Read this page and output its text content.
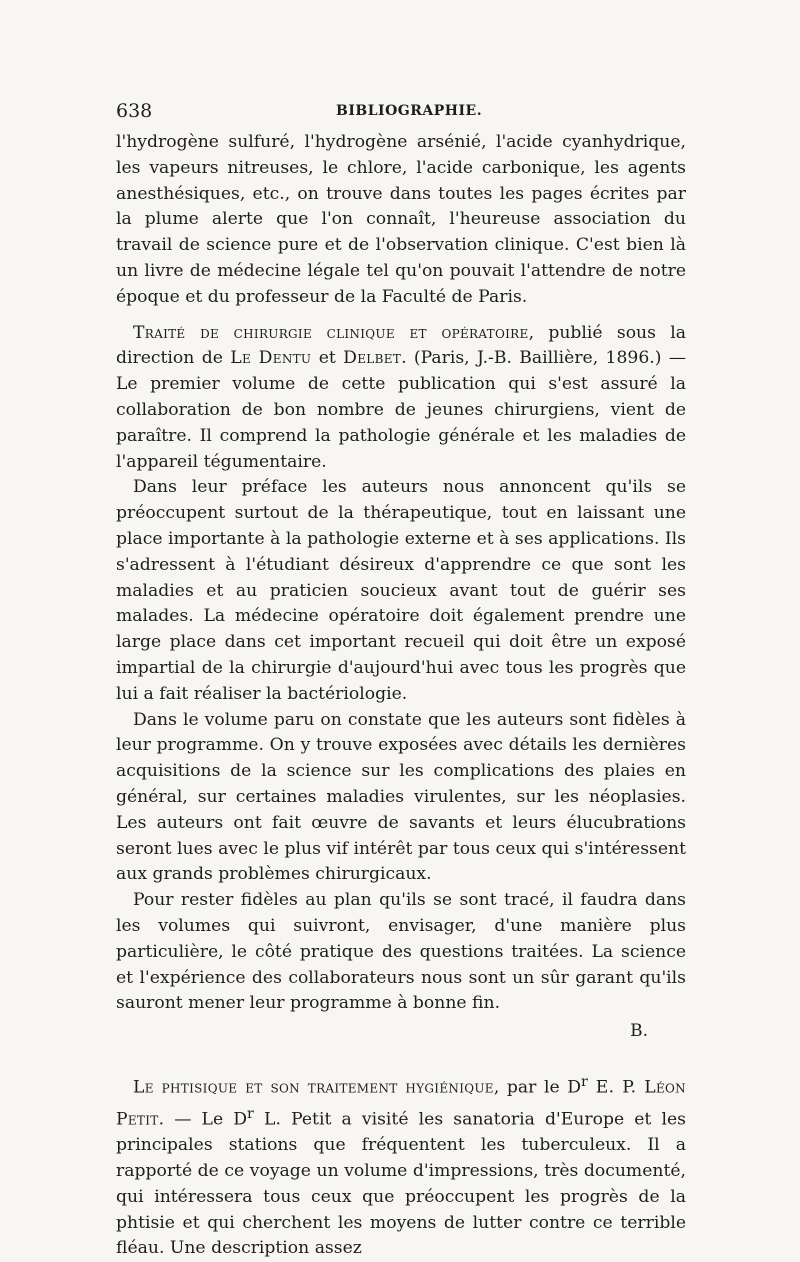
638	BIBLIOGRAPHIE.

l'hydrogène sulfuré, l'hydrogène arsénié, l'acide cyanhydrique, les vapeurs nitreuses, le chlore, l'acide carbonique, les agents anesthésiques, etc., on trouve dans toutes les pages écrites par la plume alerte que l'on connaît, l'heureuse association du travail de science pure et de l'observation clinique. C'est bien là un livre de médecine légale tel qu'on pouvait l'attendre de notre époque et du professeur de la Faculté de Paris.

Traité de chirurgie clinique et opératoire, publié sous la direction de Le Dentu et Delbet. (Paris, J.-B. Baillière, 1896.) — Le premier volume de cette publication qui s'est assuré la collaboration de bon nombre de jeunes chirurgiens, vient de paraître. Il comprend la pathologie générale et les maladies de l'appareil tégumentaire.

Dans leur préface les auteurs nous annoncent qu'ils se préoccupent surtout de la thérapeutique, tout en laissant une place importante à la pathologie externe et à ses applications. Ils s'adressent à l'étudiant désireux d'apprendre ce que sont les maladies et au praticien soucieux avant tout de guérir ses malades. La médecine opératoire doit également prendre une large place dans cet important recueil qui doit être un exposé impartial de la chirurgie d'aujourd'hui avec tous les progrès que lui a fait réaliser la bactériologie.

Dans le volume paru on constate que les auteurs sont fidèles à leur programme. On y trouve exposées avec détails les dernières acquisitions de la science sur les complications des plaies en général, sur certaines maladies virulentes, sur les néoplasies. Les auteurs ont fait œuvre de savants et leurs élucubrations seront lues avec le plus vif intérêt par tous ceux qui s'intéressent aux grands problèmes chirurgicaux.

Pour rester fidèles au plan qu'ils se sont tracé, il faudra dans les volumes qui suivront, envisager, d'une manière plus particulière, le côté pratique des questions traitées. La science et l'expérience des collaborateurs nous sont un sûr garant qu'ils sauront mener leur programme à bonne fin.

B.

Le phtisique et son traitement hygiénique, par le $D^r$ E. P. Léon Petit. — Le $D^r$ L. Petit a visité les sanatoria d'Europe et les principales stations que fréquentent les tuberculeux. Il a rapporté de ce voyage un volume d'impressions, très documenté, qui intéressera tous ceux que préoccupent les progrès de la phtisie et qui cherchent les moyens de lutter contre ce terrible fléau. Une description assez
